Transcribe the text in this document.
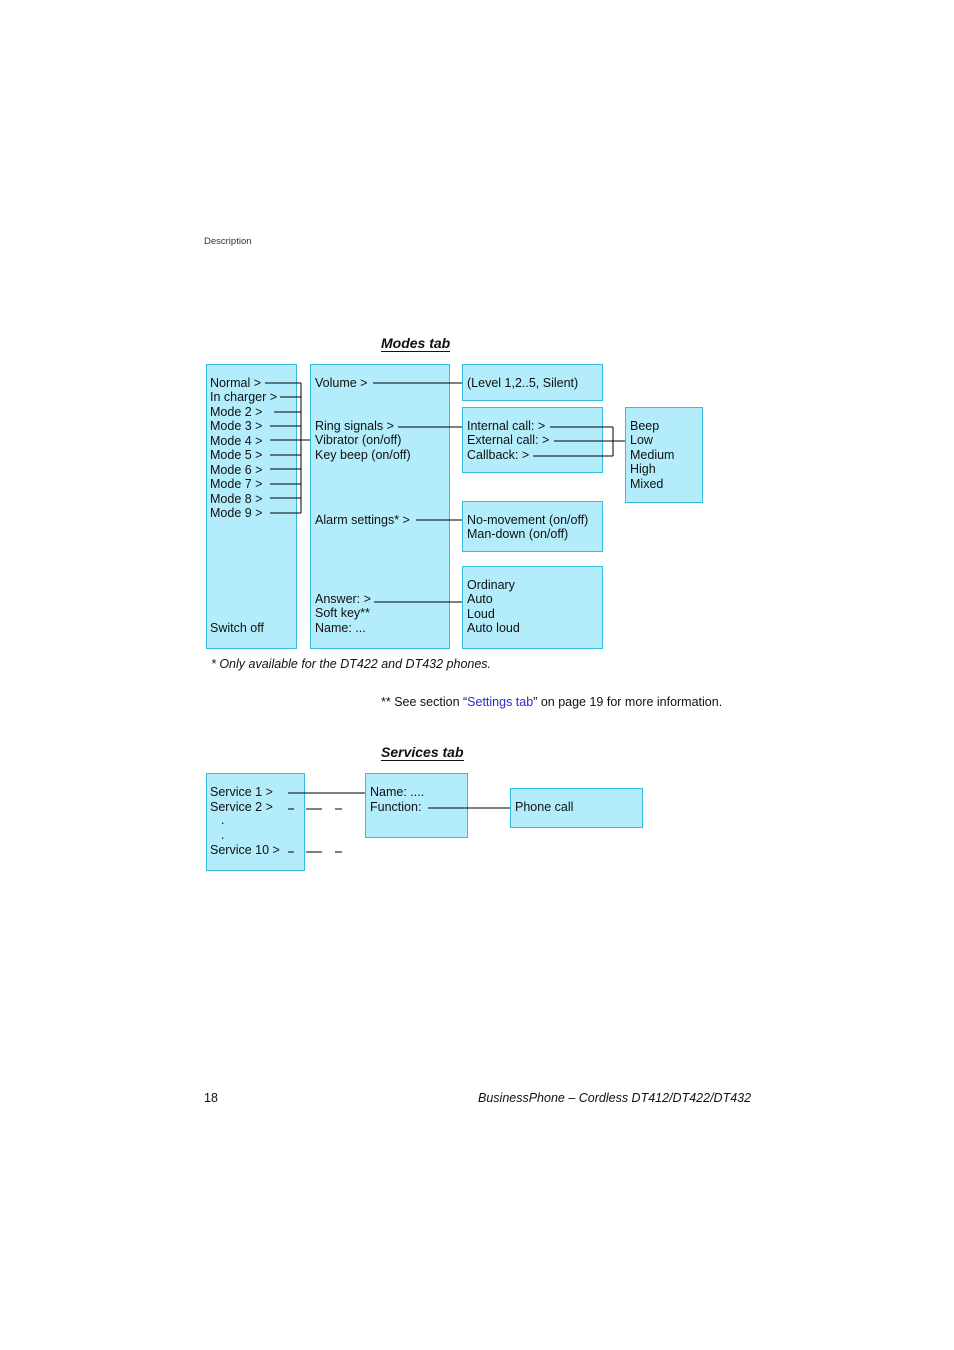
Description
Modes tab
Normal >
In charger >
Mode 2 >
Mode 3 >
Mode 4 >
Mode 5 >
Mode 6 >
Mode 7 >
Mode 8 >
Mode 9 >
Switch off
Volume >
Ring signals >
Vibrator (on/off)
Key beep (on/off)
Alarm settings* >
Answer: >
Soft key**
Name: ...
(Level 1,2..5, Silent)
Internal call: >
External call: >
Callback: >
Beep
Low
Medium
High
Mixed
No-movement (on/off)
Man-down (on/off)
Ordinary
Auto
Loud
Auto loud
* Only available for the DT422 and DT432 phones.
** See section “Settings tab” on page 19 for more information.
Services tab
Service 1 >
Service 2 >
.
.
Service 10 >
Name: ....
Function:	Phone call
18	BusinessPhone – Cordless DT412/DT422/DT432
